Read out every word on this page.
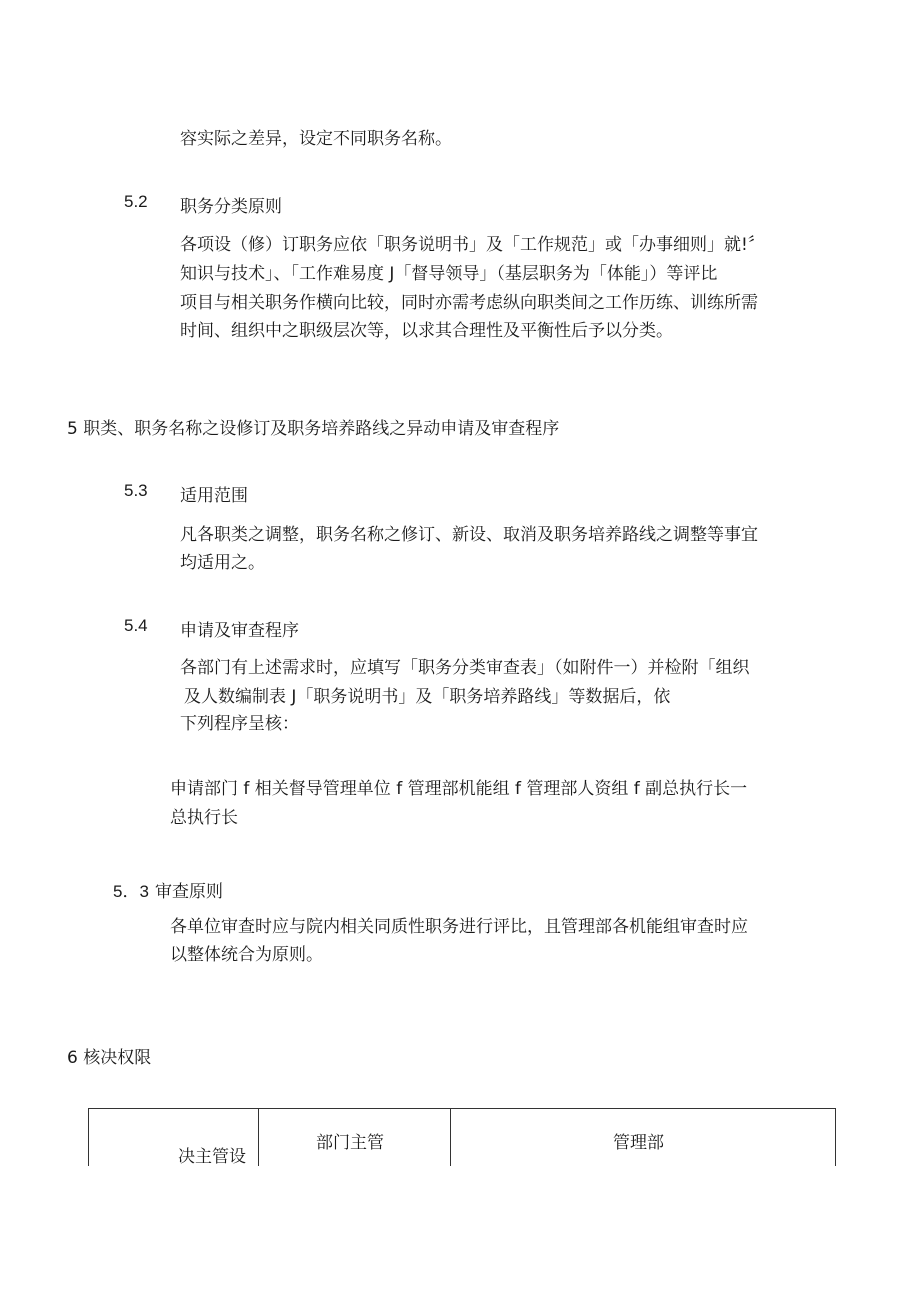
容实际之差异，设定不同职务名称。
5.2 职务分类原则
各项设（修）订职务应依「职务说明书」及「工作规范」或「办事细则」就!〞
知识与技术」、「工作难易度 J「督导领导」（基层职务为「体能」）等评比
项目与相关职务作横向比较，同时亦需考虑纵向职类间之工作历练、训练所需
时间、组织中之职级层次等，以求其合理性及平衡性后予以分类。
5 职类、职务名称之设修订及职务培养路线之异动申请及审查程序
5.3 适用范围
凡各职类之调整，职务名称之修订、新设、取消及职务培养路线之调整等事宜
均适用之。
5.4 申请及审查程序
各部门有上述需求时，应填写「职务分类审查表」（如附件一）并检附「组织
及人数编制表 J「职务说明书」及「职务培养路线」等数据后，依
下列程序呈核：
申请部门 f 相关督导管理单位 f 管理部机能组 f 管理部人资组 f 副总执行长一
总执行长
5．3 审查原则
各单位审查时应与院内相关同质性职务进行评比，且管理部各机能组审查时应
以整体统合为原则。
6 核决权限
决主管设
部门主管	管理部
